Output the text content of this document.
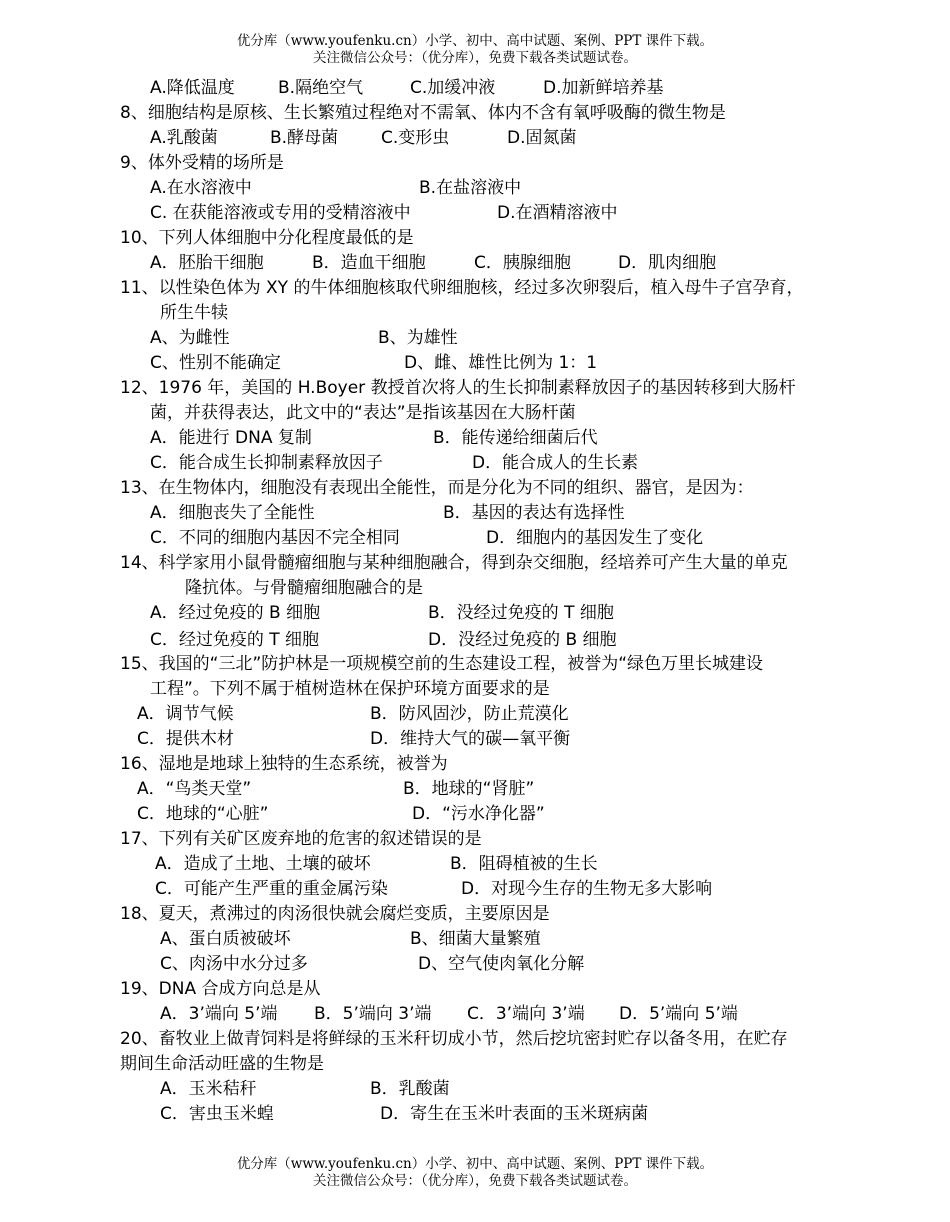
优分库（www.youfenku.cn）小学、初中、高中试题、案例、PPT 课件下载。
关注微信公众号：（优分库），免费下载各类试题试卷。
A.降低温度	B.隔绝空气	C.加缓冲液	D.加新鲜培养基
8、细胞结构是原核、生长繁殖过程绝对不需氧、体内不含有氧呼吸酶的微生物是
A.乳酸菌	B.酵母菌	C.变形虫	D.固氮菌
9、体外受精的场所是
A.在水溶液中	B.在盐溶液中
C. 在获能溶液或专用的受精溶液中	D.在酒精溶液中
10、下列人体细胞中分化程度最低的是
A．胚胎干细胞	B．造血干细胞	C．胰腺细胞	D．肌肉细胞
11、以性染色体为 XY 的牛体细胞核取代卵细胞核，经过多次卵裂后，植入母牛子宫孕育，
所生牛犊
A、为雌性	B、为雄性
C、性别不能确定	D、雌、雄性比例为 1：1
12、1976 年，美国的 H.Boyer 教授首次将人的生长抑制素释放因子的基因转移到大肠杆
菌，并获得表达，此文中的“表达”是指该基因在大肠杆菌
A．能进行 DNA 复制	B．能传递给细菌后代
C．能合成生长抑制素释放因子	D．能合成人的生长素
13、在生物体内，细胞没有表现出全能性，而是分化为不同的组织、器官，是因为：
A．细胞丧失了全能性	B．基因的表达有选择性
C．不同的细胞内基因不完全相同	D．细胞内的基因发生了变化
14、科学家用小鼠骨髓瘤细胞与某种细胞融合，得到杂交细胞，经培养可产生大量的单克
隆抗体。与骨髓瘤细胞融合的是
A．经过免疫的 B 细胞	B．没经过免疫的 T 细胞
C．经过免疫的 T 细胞	D．没经过免疫的 B 细胞
15、我国的“三北”防护林是一项规模空前的生态建设工程，被誉为“绿色万里长城建设
工程”。下列不属于植树造林在保护环境方面要求的是
A．调节气候	B．防风固沙，防止荒漠化
C．提供木材	D．维持大气的碳—氧平衡
16、湿地是地球上独特的生态系统，被誉为
A．“鸟类天堂”	B．地球的“肾脏”
C．地球的“心脏”	D．“污水净化器”
17、下列有关矿区废弃地的危害的叙述错误的是
A．造成了土地、土壤的破坏	B．阻碍植被的生长
C．可能产生严重的重金属污染	D．对现今生存的生物无多大影响
18、夏天，煮沸过的肉汤很快就会腐烂变质，主要原因是
A、蛋白质被破坏	B、细菌大量繁殖
C、肉汤中水分过多	D、空气使肉氧化分解
19、DNA 合成方向总是从
A．3’端向 5’端 B．5’端向 3’端 C．3’端向 3’端 D．5’端向 5’端
20、畜牧业上做青饲料是将鲜绿的玉米秆切成小节，然后挖坑密封贮存以备冬用，在贮存
期间生命活动旺盛的生物是
A．玉米秸秆	B．乳酸菌
C．害虫玉米蝗	D．寄生在玉米叶表面的玉米斑病菌
优分库（www.youfenku.cn）小学、初中、高中试题、案例、PPT 课件下载。
关注微信公众号：（优分库），免费下载各类试题试卷。
